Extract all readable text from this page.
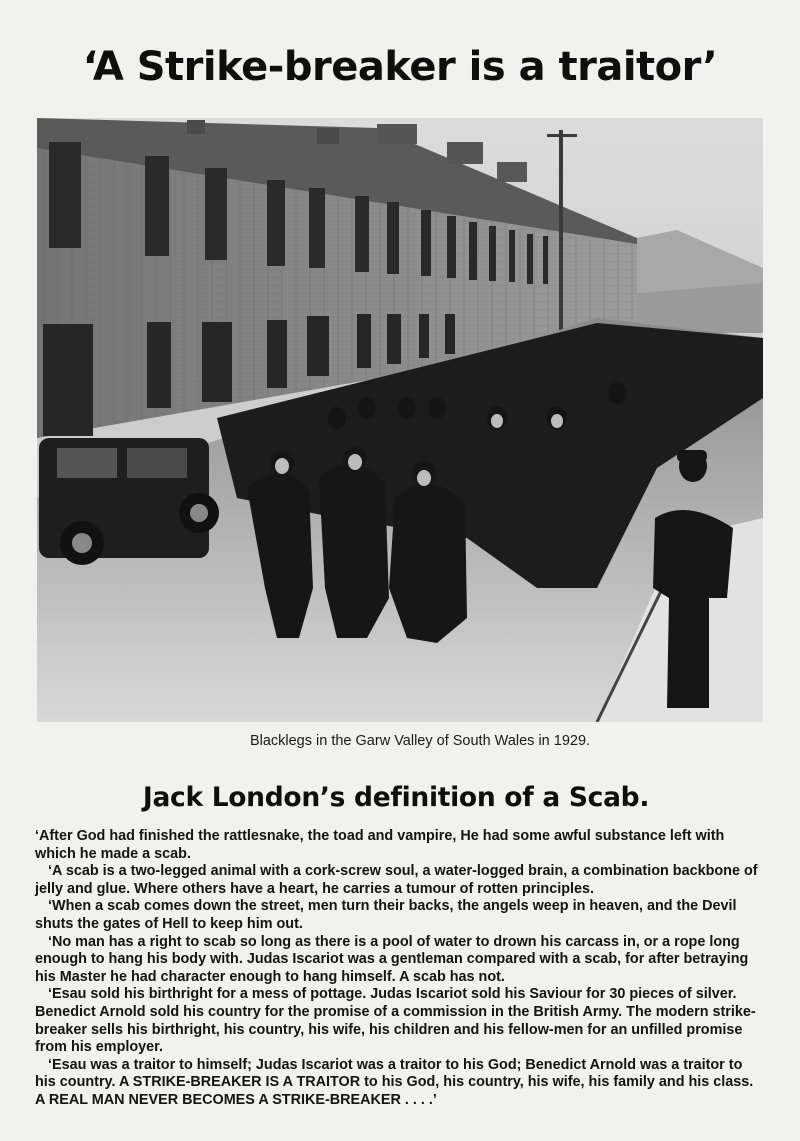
‘A Strike-breaker is a traitor’
Blacklegs in the Garw Valley of South Wales in 1929.
Jack London’s definition of a Scab.

‘After God had finished the rattlesnake, the toad and vampire, He had some awful substance left with which he made a scab.

‘A scab is a two-legged animal with a cork-screw soul, a water-logged brain, a combination backbone of jelly and glue. Where others have a heart, he carries a tumour of rotten principles.

‘When a scab comes down the street, men turn their backs, the angels weep in heaven, and the Devil shuts the gates of Hell to keep him out.

‘No man has a right to scab so long as there is a pool of water to drown his carcass in, or a rope long enough to hang his body with. Judas Iscariot was a gentleman compared with a scab, for after betraying his Master he had character enough to hang himself. A scab has not.

‘Esau sold his birthright for a mess of pottage. Judas Iscariot sold his Saviour for 30 pieces of silver. Benedict Arnold sold his country for the promise of a commission in the British Army. The modern strike-breaker sells his birthright, his country, his wife, his children and his fellow-men for an unfilled promise from his employer.

‘Esau was a traitor to himself; Judas Iscariot was a traitor to his God; Benedict Arnold was a traitor to his country. A STRIKE-BREAKER IS A TRAITOR to his God, his country, his wife, his family and his class. A REAL MAN NEVER BECOMES A STRIKE-BREAKER . . . .’
